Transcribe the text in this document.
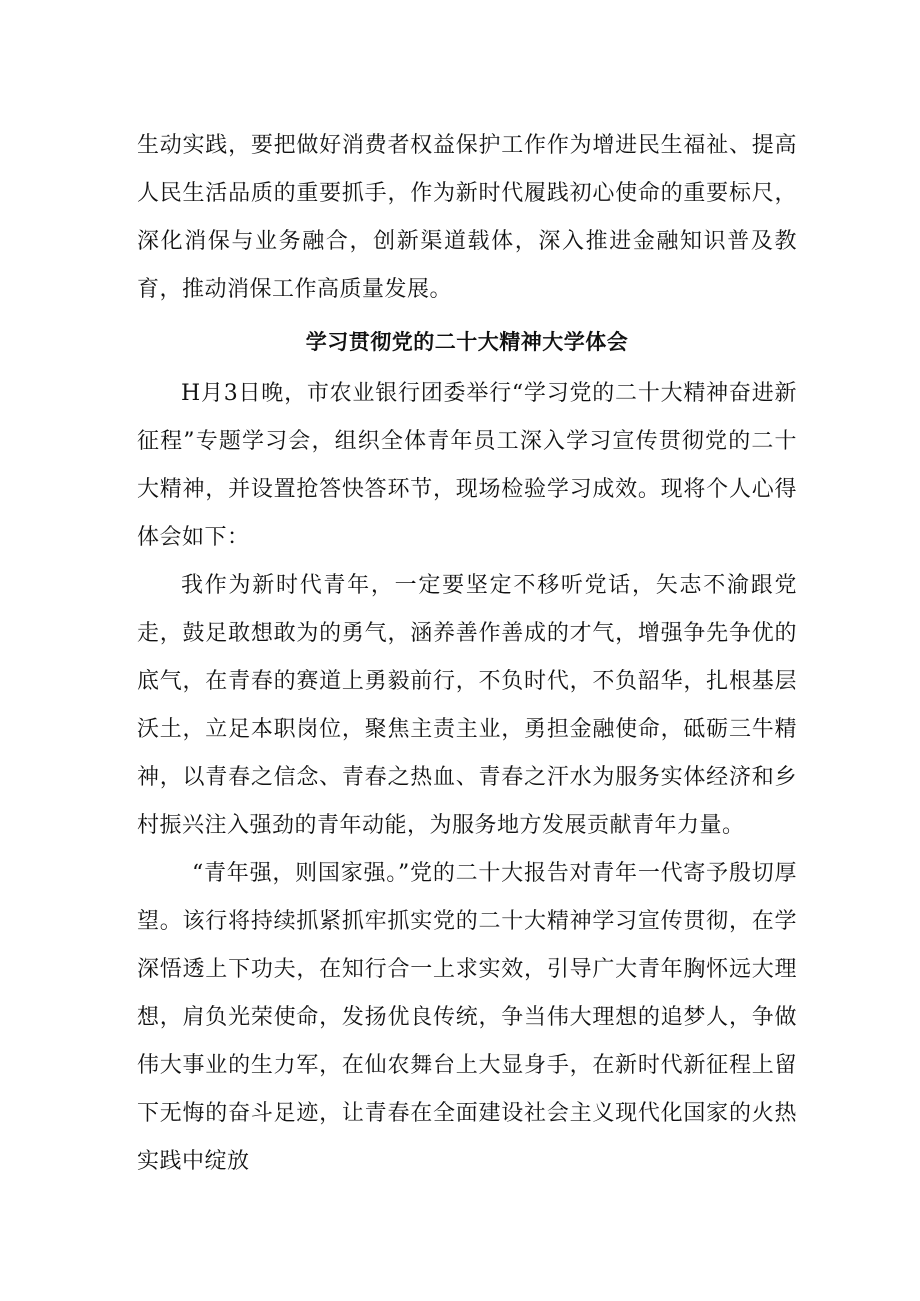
生动实践，要把做好消费者权益保护工作作为增进民生福祉、提高人民生活品质的重要抓手，作为新时代履践初心使命的重要标尺，深化消保与业务融合，创新渠道载体，深入推进金融知识普及教育，推动消保工作高质量发展。

学习贯彻党的二十大精神大学体会

H月3日晚，市农业银行团委举行“学习党的二十大精神奋进新征程”专题学习会，组织全体青年员工深入学习宣传贯彻党的二十大精神，并设置抢答快答环节，现场检验学习成效。现将个人心得体会如下：

我作为新时代青年，一定要坚定不移听党话，矢志不渝跟党走，鼓足敢想敢为的勇气，涵养善作善成的才气，增强争先争优的底气，在青春的赛道上勇毅前行，不负时代，不负韶华，扎根基层沃土，立足本职岗位，聚焦主责主业，勇担金融使命，砥砺三牛精神，以青春之信念、青春之热血、青春之汗水为服务实体经济和乡村振兴注入强劲的青年动能，为服务地方发展贡献青年力量。

“青年强，则国家强。”党的二十大报告对青年一代寄予殷切厚望。该行将持续抓紧抓牢抓实党的二十大精神学习宣传贯彻，在学深悟透上下功夫，在知行合一上求实效，引导广大青年胸怀远大理想，肩负光荣使命，发扬优良传统，争当伟大理想的追梦人，争做伟大事业的生力军，在仙农舞台上大显身手，在新时代新征程上留下无悔的奋斗足迹，让青春在全面建设社会主义现代化国家的火热实践中绽放
